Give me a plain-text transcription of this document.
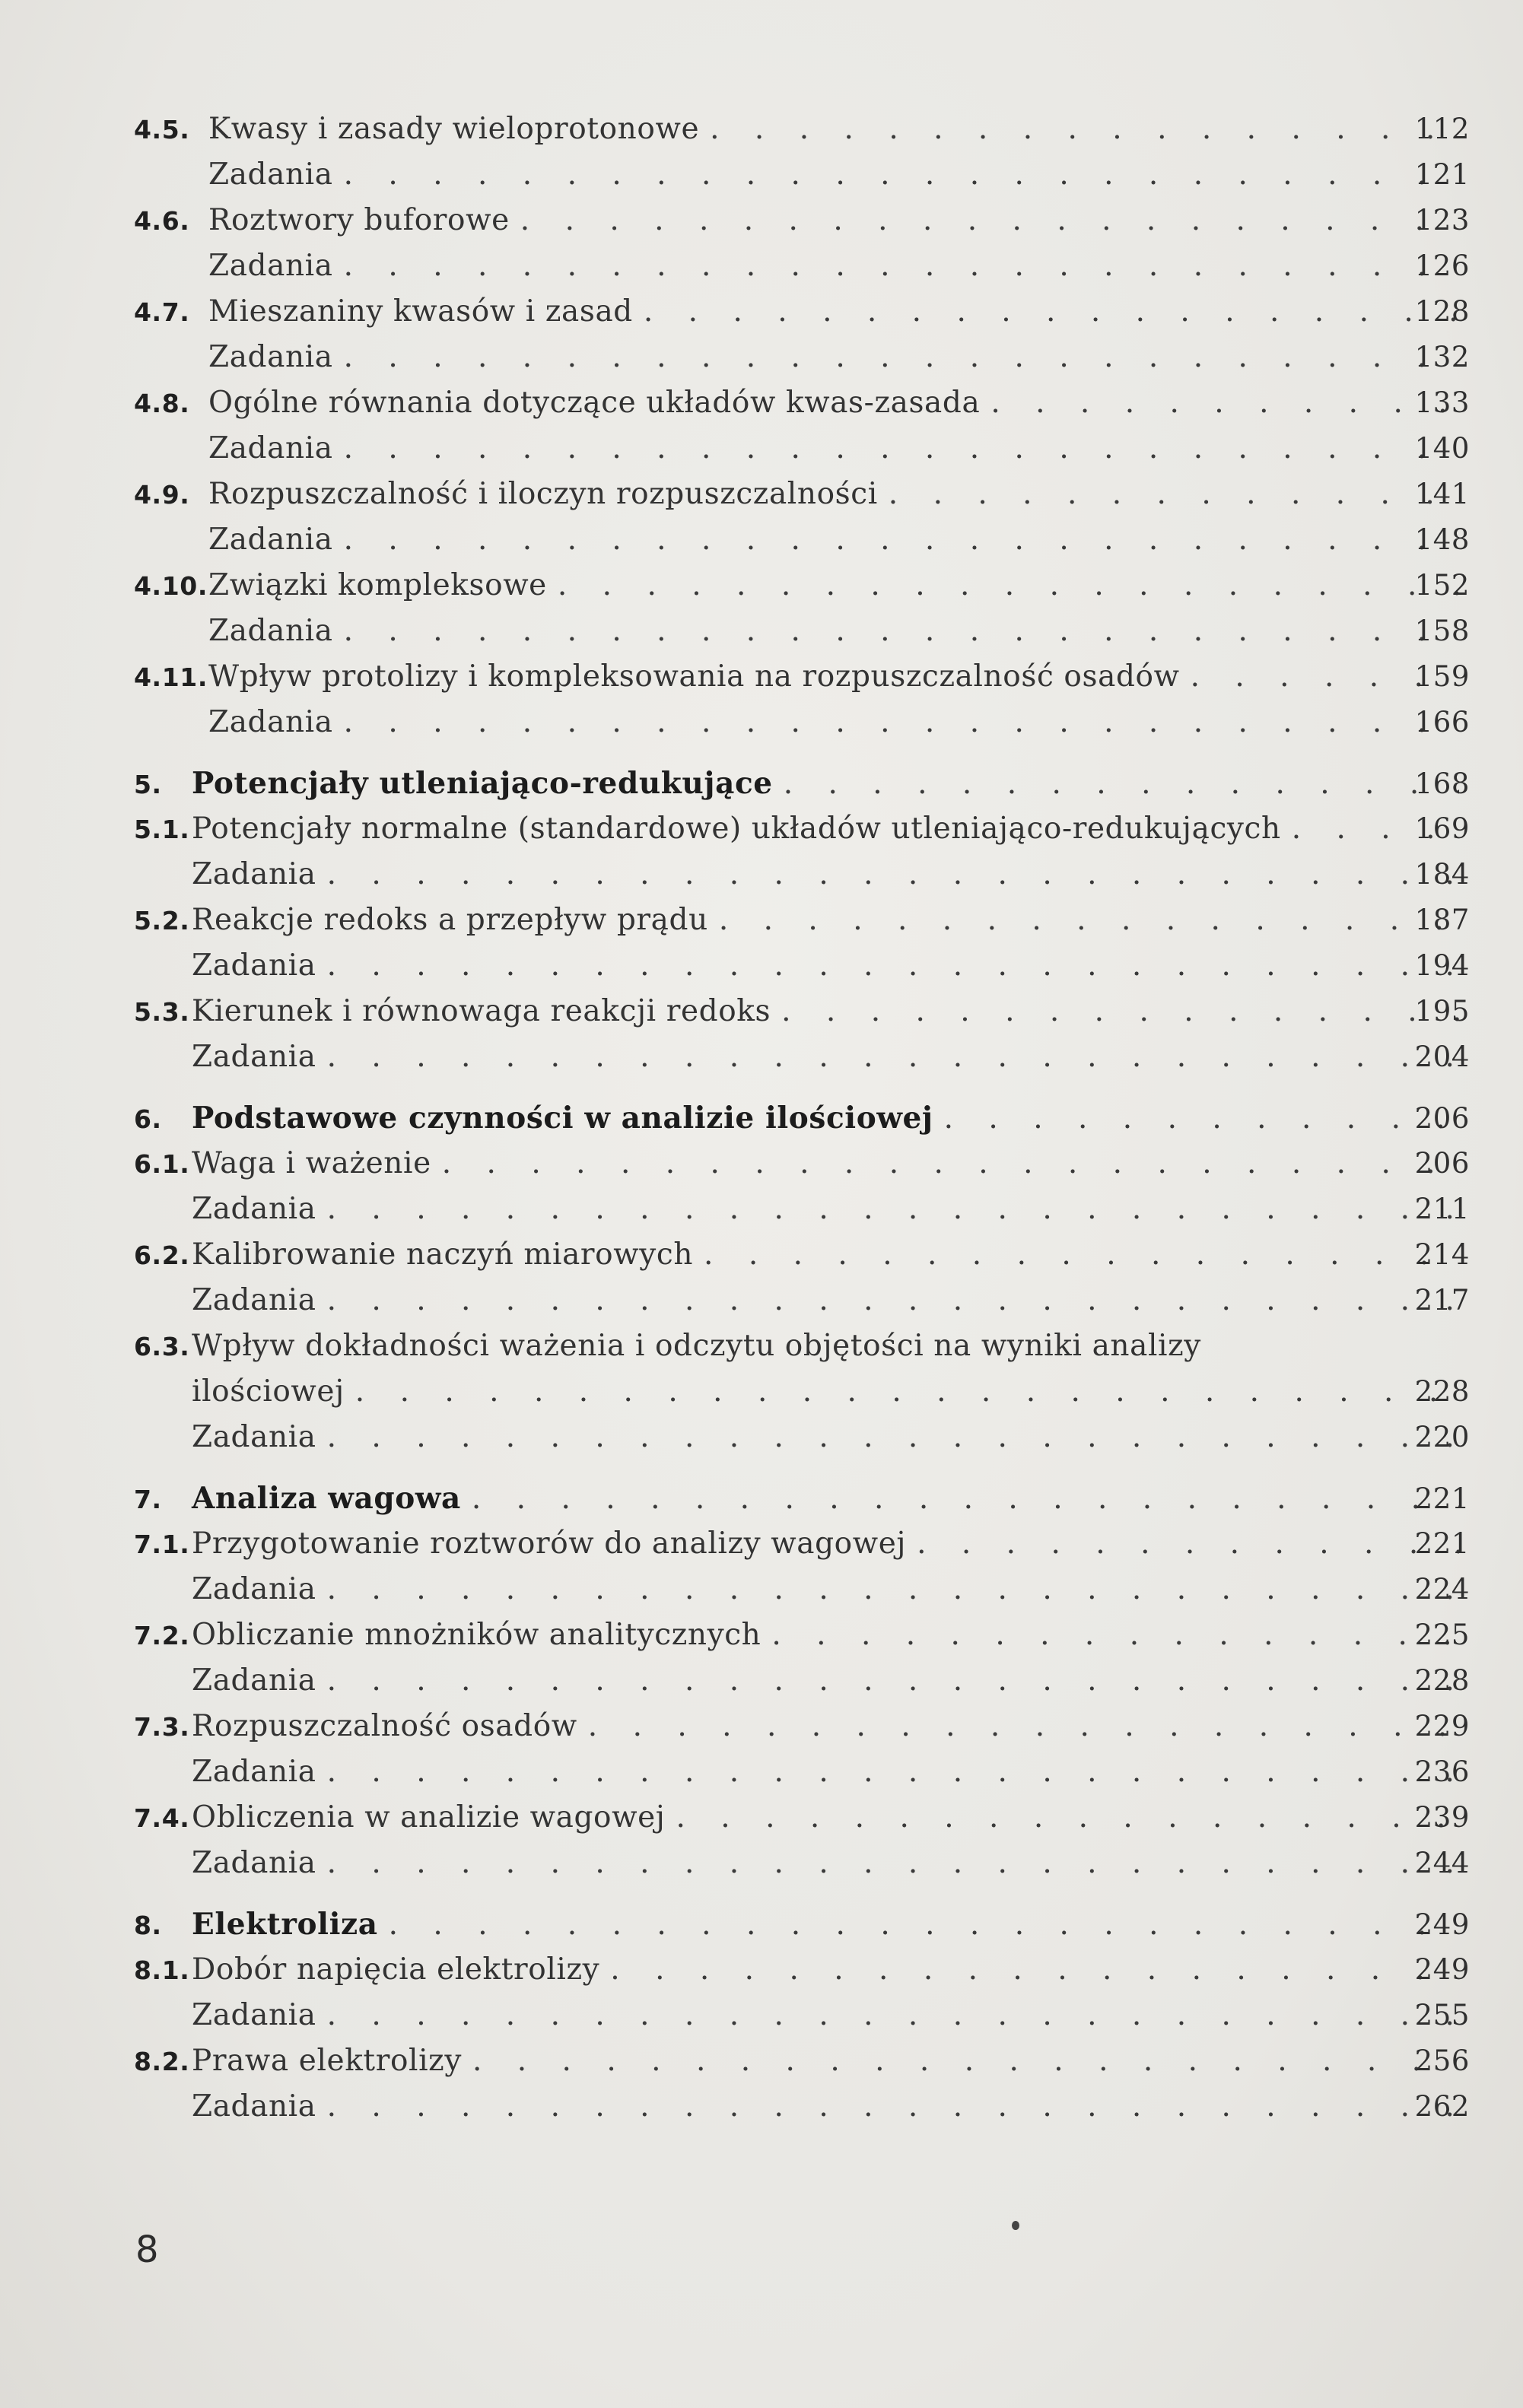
4.5. Kwasy i zasady wieloprotonowe . . .	112
Zadania . . .	121
4.6. Roztwory buforowe . . .	123
Zadania . . .	126
4.7. Mieszaniny kwasów i zasad . . .	128
Zadania . . .	132
4.8. Ogólne równania dotyczące układów kwas-zasada . . .	133
Zadania . . .	140
4.9. Rozpuszczalność i iloczyn rozpuszczalności . . .	141
Zadania . . .	148
4.10. Związki kompleksowe . . .	152
Zadania . . .	158
4.11. Wpływ protolizy i kompleksowania na rozpuszczalność osadów . . .	159
Zadania . . .	166
5.	Potencjały utleniająco-redukujące . . .	168
5.1. Potencjały normalne (standardowe) układów utleniająco-redukujących . . .	169
Zadania . . .	184
5.2. Reakcje redoks a przepływ prądu . . .	187
Zadania . . .	194
5.3. Kierunek i równowaga reakcji redoks . . .	195
Zadania . . .	204
6.	Podstawowe czynności w analizie ilościowej . . .	206
6.1. Waga i ważenie . . .	206
Zadania . . .	211
6.2. Kalibrowanie naczyń miarowych . . .	214
Zadania . . .	217
6.3. Wpływ dokładności ważenia i odczytu objętości na wyniki analizy
ilościowej . . .	228
Zadania . . .	220
7.	Analiza wagowa . . .	221
7.1. Przygotowanie roztworów do analizy wagowej . . .	221
Zadania . . .	224
7.2. Obliczanie mnożników analitycznych . . .	225
Zadania . . .	228
7.3. Rozpuszczalność osadów . . .	229
Zadania . . .	236
7.4. Obliczenia w analizie wagowej . . .	239
Zadania . . .	244
8.	Elektroliza . . .	249
8.1. Dobór napięcia elektrolizy . . .	249
Zadania . . .	255
8.2. Prawa elektrolizy . . .	256
Zadania . . .	262
8
